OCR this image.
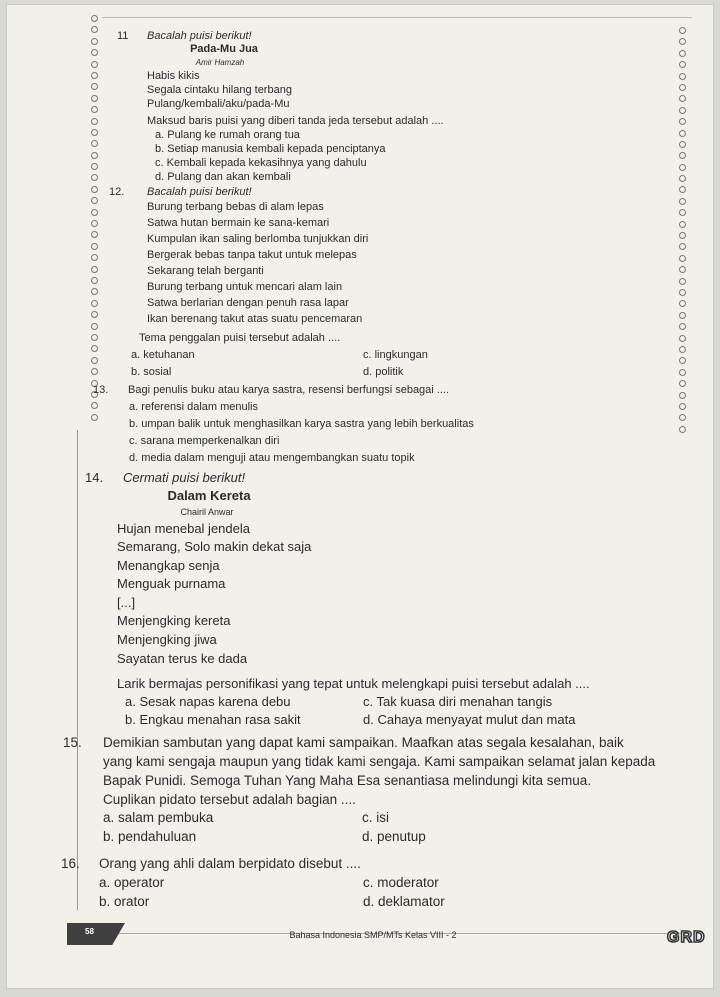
11 Bacalah puisi berikut!
Pada-Mu Jua
Amir Hamzah
Habis kikis
Segala cintaku hilang terbang
Pulang/kembali/aku/pada-Mu
Maksud baris puisi yang diberi tanda jeda tersebut adalah ....
a. Pulang ke rumah orang tua
b. Setiap manusia kembali kepada penciptanya
c. Kembali kepada kekasihnya yang dahulu
d. Pulang dan akan kembali
12. Bacalah puisi berikut!
Burung terbang bebas di alam lepas
Satwa hutan bermain ke sana-kemari
Kumpulan ikan saling berlomba tunjukkan diri
Bergerak bebas tanpa takut untuk melepas
Sekarang telah berganti
Burung terbang untuk mencari alam lain
Satwa berlarian dengan penuh rasa lapar
Ikan berenang takut atas suatu pencemaran
Tema penggalan puisi tersebut adalah ....
a. ketuhanan	c. lingkungan
b. sosial	d. politik
13. Bagi penulis buku atau karya sastra, resensi berfungsi sebagai ....
a. referensi dalam menulis
b. umpan balik untuk menghasilkan karya sastra yang lebih berkualitas
c. sarana memperkenalkan diri
d. media dalam menguji atau mengembangkan suatu topik
14. Cermati puisi berikut!
Dalam Kereta
Chairil Anwar
Hujan menebal jendela
Semarang, Solo makin dekat saja
Menangkap senja
Menguak purnama
[...]
Menjengking kereta
Menjengking jiwa
Sayatan terus ke dada
Larik bermajas personifikasi yang tepat untuk melengkapi puisi tersebut adalah ....
a. Sesak napas karena debu	c. Tak kuasa diri menahan tangis
b. Engkau menahan rasa sakit	d. Cahaya menyayat mulut dan mata
15. Demikian sambutan yang dapat kami sampaikan. Maafkan atas segala kesalahan, baik
yang kami sengaja maupun yang tidak kami sengaja. Kami sampaikan selamat jalan kepada
Bapak Punidi. Semoga Tuhan Yang Maha Esa senantiasa melindungi kita semua.
Cuplikan pidato tersebut adalah bagian ....
a. salam pembuka	c. isi
b. pendahuluan	d. penutup
16. Orang yang ahli dalam berpidato disebut ....
a. operator	c. moderator
b. orator	d. deklamator
58	Bahasa Indonesia SMP/MTs Kelas VIII - 2	GRD
